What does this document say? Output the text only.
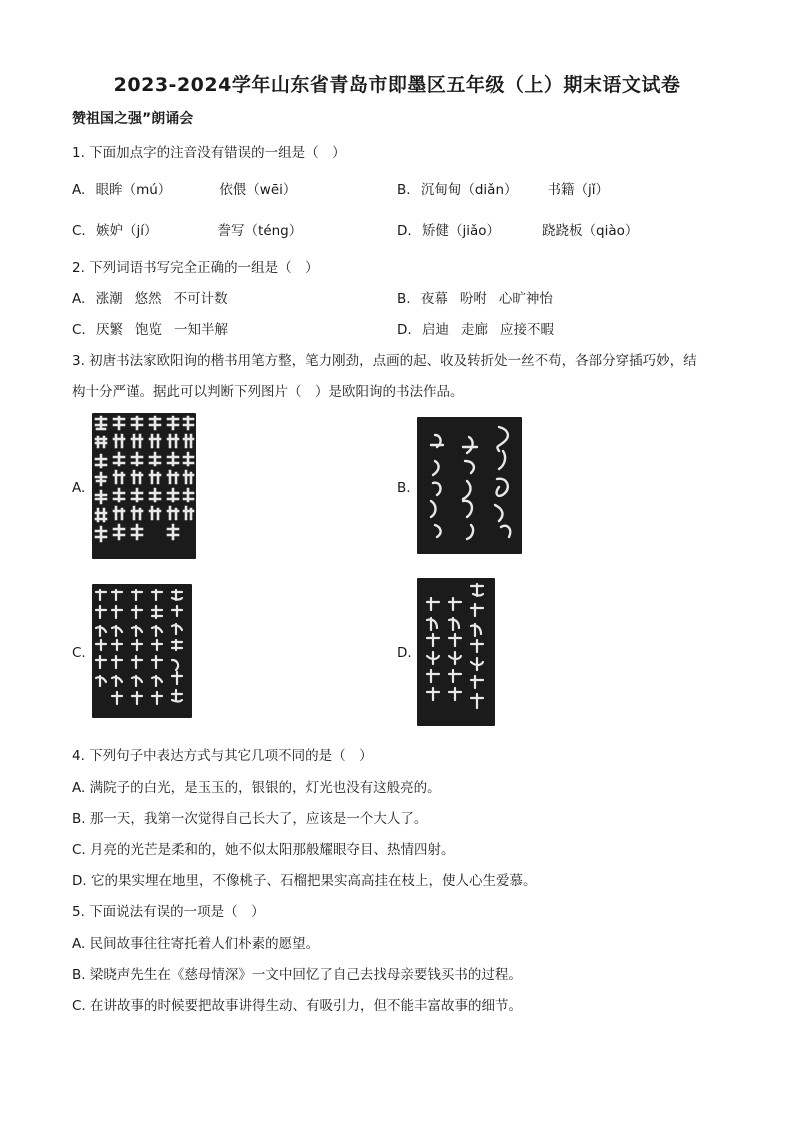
2023-2024学年山东省青岛市即墨区五年级（上）期末语文试卷
赞祖国之强”朗诵会
1. 下面加点字的注音没有错误的一组是（　）
A. 眼眸（mú）	依偎（wēi）	B. 沉甸甸（diǎn） 书籍（jǐ）
C. 嫉妒（jí）	誊写（téng）	D. 矫健（jiǎo）	跷跷板（qiào）
2. 下列词语书写完全正确的一组是（　）
A. 涨潮 悠然 不可计数	B. 夜幕 吩咐 心旷神怡
C. 厌繁 饱览 一知半解	D. 启迪 走廊 应接不暇
3. 初唐书法家欧阳询的楷书用笔方整，笔力刚劲，点画的起、收及转折处一丝不苟，各部分穿插巧妙，结
构十分严谨。据此可以判断下列图片（　）是欧阳询的书法作品。
A.	B.
C.	D.
4. 下列句子中表达方式与其它几项不同的是（　）
A. 满院子的白光，是玉玉的，银银的，灯光也没有这般亮的。
B. 那一天，我第一次觉得自己长大了，应该是一个大人了。
C. 月亮的光芒是柔和的，她不似太阳那般耀眼夺目、热情四射。
D. 它的果实埋在地里，不像桃子、石榴把果实高高挂在枝上，使人心生爱慕。
5. 下面说法有误的一项是（　）
A. 民间故事往往寄托着人们朴素的愿望。
B. 梁晓声先生在《慈母情深》一文中回忆了自己去找母亲要钱买书的过程。
C. 在讲故事的时候要把故事讲得生动、有吸引力，但不能丰富故事的细节。
